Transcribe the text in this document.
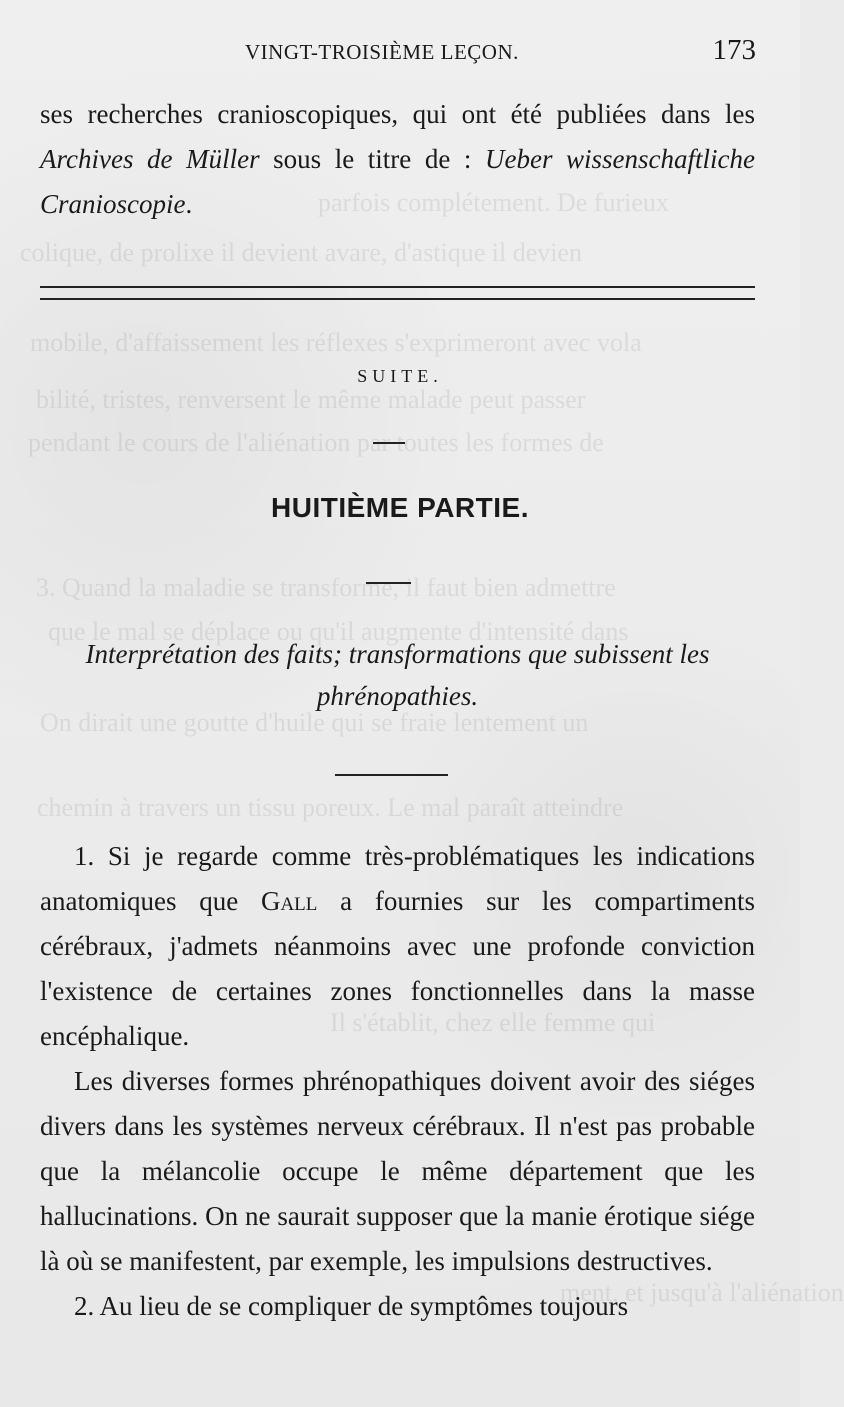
parfois complétement. De furieux
colique, de prolixe il devient avare, d'astique il devien
mobile, d'affaissement les réflexes s'exprimeront avec vola
bilité, tristes, renversent le même malade peut passer
pendant le cours de l'aliénation par toutes les formes de
3. Quand la maladie se transforme, il faut bien admettre
que le mal se déplace ou qu'il augmente d'intensité dans
On dirait une goutte d'huile qui se fraie lentement un
chemin à travers un tissu poreux. Le mal paraît atteindre
Il s'établit, chez elle femme qui
ment, et jusqu'à l'aliénation
VINGT-TROISIÈME LEÇON.	173
ses recherches cranioscopiques, qui ont été publiées dans les Archives de Müller sous le titre de : Ueber wissenschaftliche Cranioscopie.
SUITE.
HUITIÈME PARTIE.
Interprétation des faits; transformations que subissent les phrénopathies.

1. Si je regarde comme très-problématiques les indications anatomiques que Gall a fournies sur les compartiments cérébraux, j'admets néanmoins avec une profonde conviction l'existence de certaines zones fonctionnelles dans la masse encéphalique.

Les diverses formes phrénopathiques doivent avoir des siéges divers dans les systèmes nerveux cérébraux. Il n'est pas probable que la mélancolie occupe le même département que les hallucinations. On ne saurait supposer que la manie érotique siége là où se manifestent, par exemple, les impulsions destructives.

2. Au lieu de se compliquer de symptômes toujours
